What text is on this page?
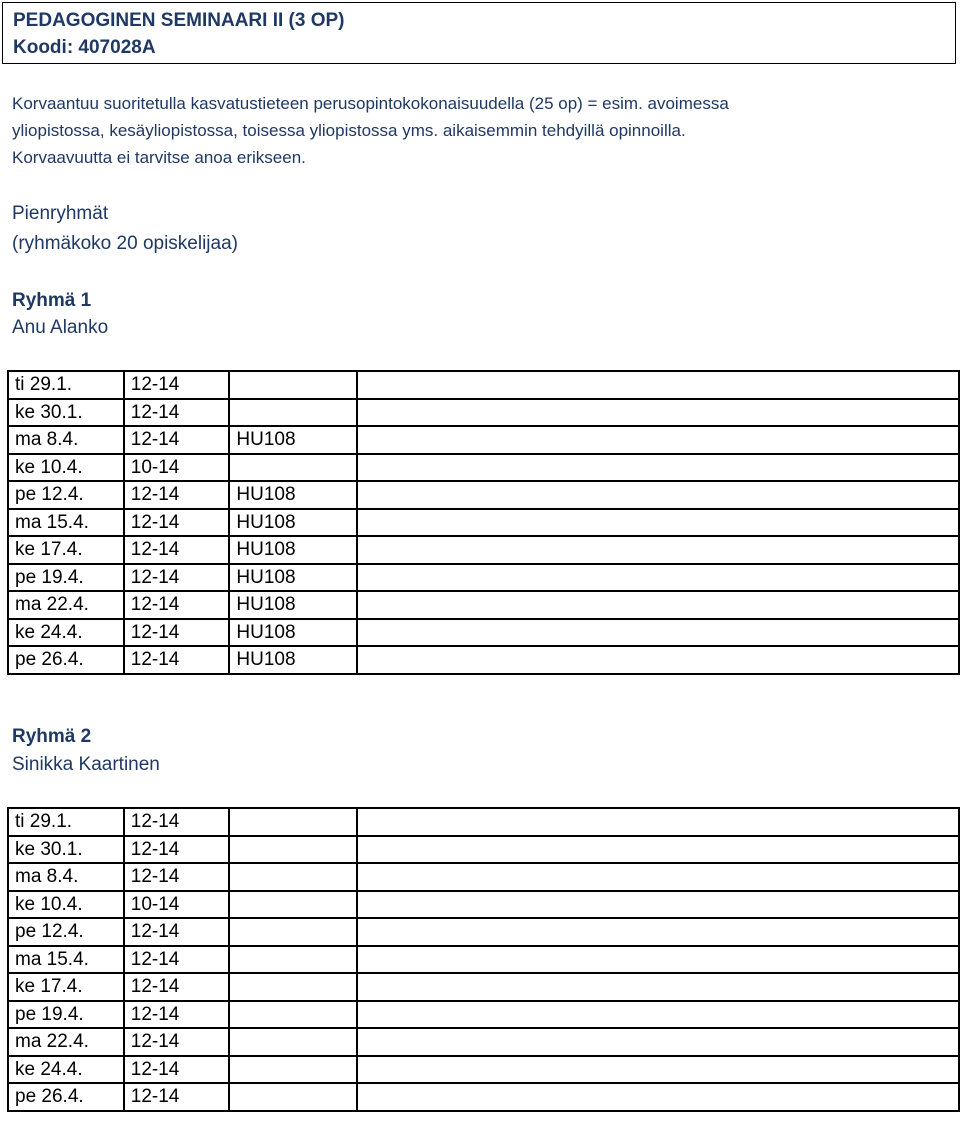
PEDAGOGINEN SEMINAARI II (3 OP)
Koodi: 407028A

Korvaantuu suoritetulla kasvatustieteen perusopintokokonaisuudella (25 op) = esim. avoimessa

yliopistossa, kesäyliopistossa, toisessa yliopistossa yms. aikaisemmin tehdyillä opinnoilla.

Korvaavuutta ei tarvitse anoa erikseen.

Pienryhmät
(ryhmäkoko 20 opiskelijaa)
Ryhmä 1
Anu Alanko
ti 29.1.	12-14		
ke 30.1.	12-14		
ma 8.4.	12-14	HU108	
ke 10.4.	10-14		
pe 12.4.	12-14	HU108	
ma 15.4.	12-14	HU108	
ke 17.4.	12-14	HU108	
pe 19.4.	12-14	HU108	
ma 22.4.	12-14	HU108	
ke 24.4.	12-14	HU108	
pe 26.4.	12-14	HU108	
Ryhmä 2
Sinikka Kaartinen
ti 29.1.	12-14		
ke 30.1.	12-14		
ma 8.4.	12-14		
ke 10.4.	10-14		
pe 12.4.	12-14		
ma 15.4.	12-14		
ke 17.4.	12-14		
pe 19.4.	12-14		
ma 22.4.	12-14		
ke 24.4.	12-14		
pe 26.4.	12-14		
